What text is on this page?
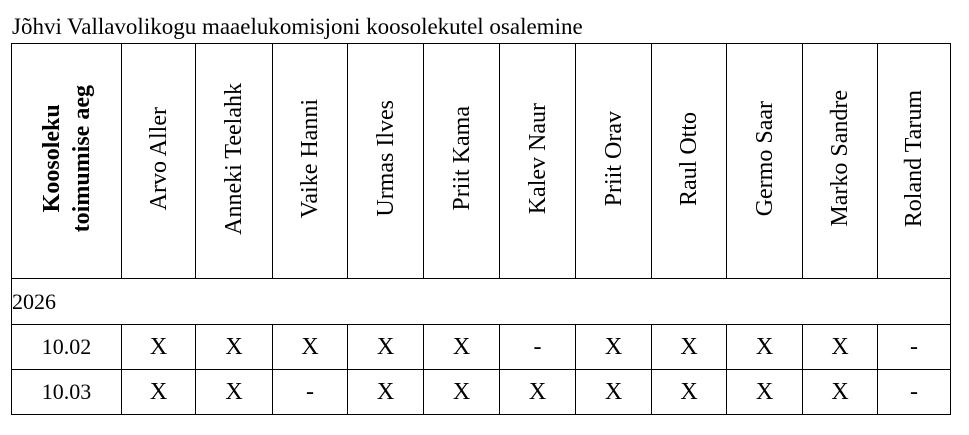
Jõhvi Vallavolikogu maaelukomisjoni koosolekutel osalemine
Koosoleku toimumise aeg	Arvo Aller	Anneki Teelahk	Vaike Hanni	Urmas Ilves	Priit Kama	Kalev Naur	Priit Orav	Raul Otto	Germo Saar	Marko Sandre	Roland Tarum
2026											
10.02	X	X	X	X	X	-	X	X	X	X	-
10.03	X	X	-	X	X	X	X	X	X	X	-
